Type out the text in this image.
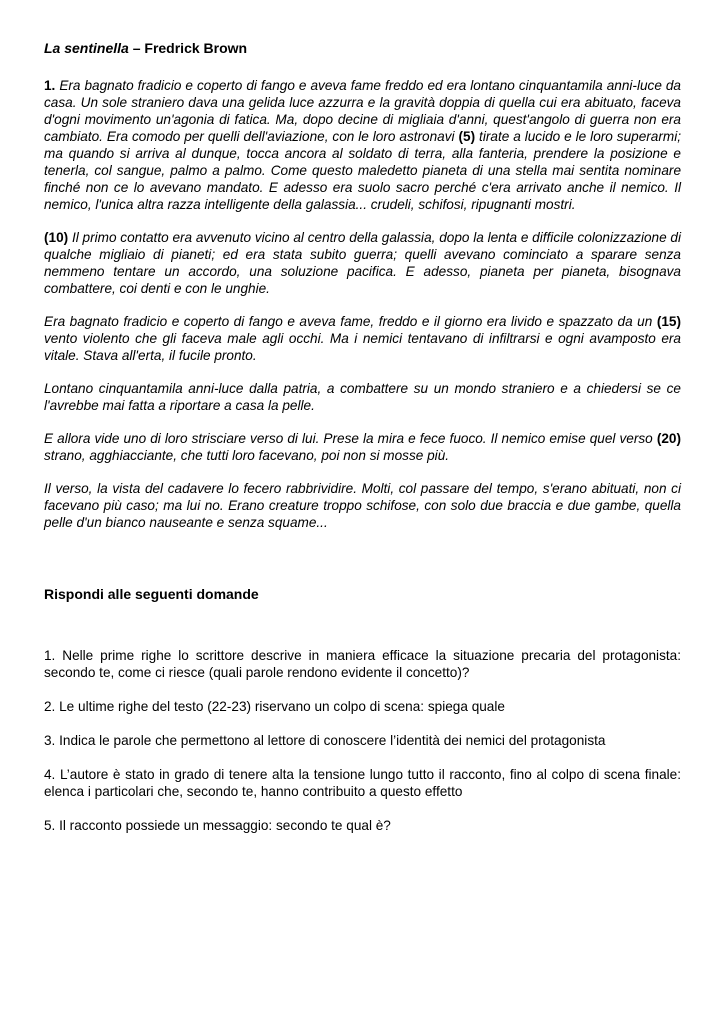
La sentinella – Fredrick Brown

1. Era bagnato fradicio e coperto di fango e aveva fame freddo ed era lontano cinquantamila anni-luce da casa. Un sole straniero dava una gelida luce azzurra e la gravità doppia di quella cui era abituato, faceva d'ogni movimento un'agonia di fatica. Ma, dopo decine di migliaia d'anni, quest'angolo di guerra non era cambiato. Era comodo per quelli dell'aviazione, con le loro astronavi (5) tirate a lucido e le loro superarmi; ma quando si arriva al dunque, tocca ancora al soldato di terra, alla fanteria, prendere la posizione e tenerla, col sangue, palmo a palmo. Come questo maledetto pianeta di una stella mai sentita nominare finché non ce lo avevano mandato. E adesso era suolo sacro perché c'era arrivato anche il nemico. Il nemico, l'unica altra razza intelligente della galassia... crudeli, schifosi, ripugnanti mostri.

(10) Il primo contatto era avvenuto vicino al centro della galassia, dopo la lenta e difficile colonizzazione di qualche migliaio di pianeti; ed era stata subito guerra; quelli avevano cominciato a sparare senza nemmeno tentare un accordo, una soluzione pacifica. E adesso, pianeta per pianeta, bisognava combattere, coi denti e con le unghie.

Era bagnato fradicio e coperto di fango e aveva fame, freddo e il giorno era livido e spazzato da un (15) vento violento che gli faceva male agli occhi. Ma i nemici tentavano di infiltrarsi e ogni avamposto era vitale. Stava all'erta, il fucile pronto.

Lontano cinquantamila anni-luce dalla patria, a combattere su un mondo straniero e a chiedersi se ce l'avrebbe mai fatta a riportare a casa la pelle.

E allora vide uno di loro strisciare verso di lui. Prese la mira e fece fuoco. Il nemico emise quel verso (20) strano, agghiacciante, che tutti loro facevano, poi non si mosse più.

Il verso, la vista del cadavere lo fecero rabbrividire. Molti, col passare del tempo, s'erano abituati, non ci facevano più caso; ma lui no. Erano creature troppo schifose, con solo due braccia e due gambe, quella pelle d'un bianco nauseante e senza squame...

Rispondi alle seguenti domande

1. Nelle prime righe lo scrittore descrive in maniera efficace la situazione precaria del protagonista: secondo te, come ci riesce (quali parole rendono evidente il concetto)?

2. Le ultime righe del testo (22-23) riservano un colpo di scena: spiega quale

3. Indica le parole che permettono al lettore di conoscere l’identità dei nemici del protagonista

4. L’autore è stato in grado di tenere alta la tensione lungo tutto il racconto, fino al colpo di scena finale: elenca i particolari che, secondo te, hanno contribuito a questo effetto

5. Il racconto possiede un messaggio: secondo te qual è?
